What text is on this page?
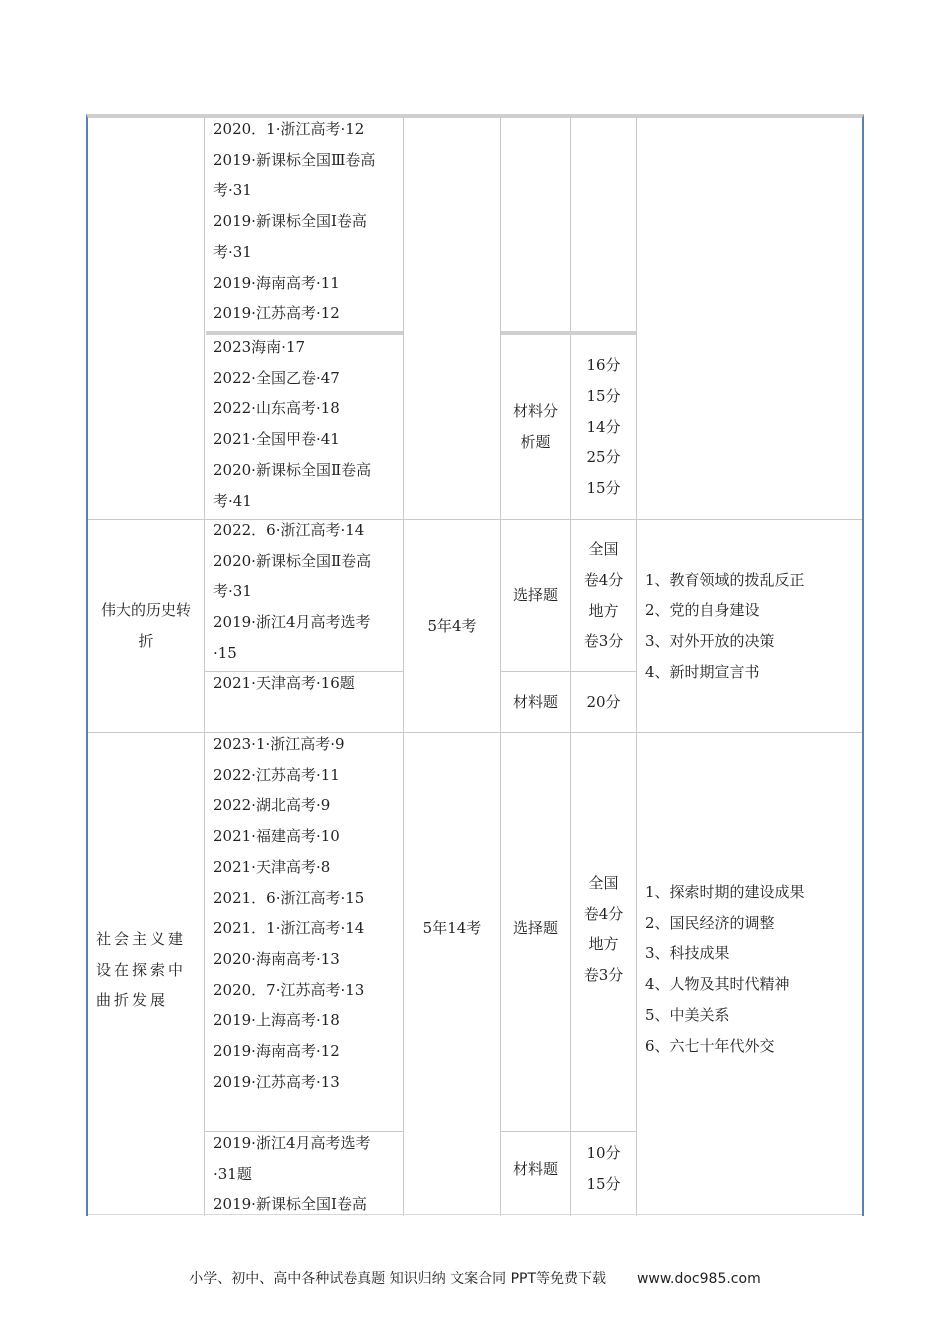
2020．1·浙江高考·12
2019·新课标全国Ⅲ卷高
考·31
2019·新课标全国Ⅰ卷高
考·31
2019·海南高考·11
2019·江苏高考·12
2023海南·17
2022·全国乙卷·47
2022·山东高考·18
2021·全国甲卷·41
2020·新课标全国Ⅱ卷高
考·41
材料分
析题
16分
15分
14分
25分
15分
伟大的历史转
折
2022．6·浙江高考·14
2020·新课标全国Ⅱ卷高
考·31
2019·浙江4月高考选考
·15
2021·天津高考·16题
5年4考
选择题
全国
卷4分
地方
卷3分
材料题 20分
1、教育领域的拨乱反正
2、党的自身建设
3、对外开放的决策
4、新时期宣言书
社会主义建
设在探索中
曲折发展
2023·1·浙江高考·9
2022·江苏高考·11
2022·湖北高考·9
2021·福建高考·10
2021·天津高考·8
2021．6·浙江高考·15
2021．1·浙江高考·14
2020·海南高考·13
2020．7·江苏高考·13
2019·上海高考·18
2019·海南高考·12
2019·江苏高考·13
2019·浙江4月高考选考
·31题
2019·新课标全国Ⅰ卷高
5年14考	选择题
全国
卷4分
地方
卷3分
材料题
10分
15分
1、探索时期的建设成果
2、国民经济的调整
3、科技成果
4、人物及其时代精神
5、中美关系
6、六七十年代外交
小学、初中、高中各种试卷真题 知识归纳 文案合同 PPT等免费下载 www.doc985.com
